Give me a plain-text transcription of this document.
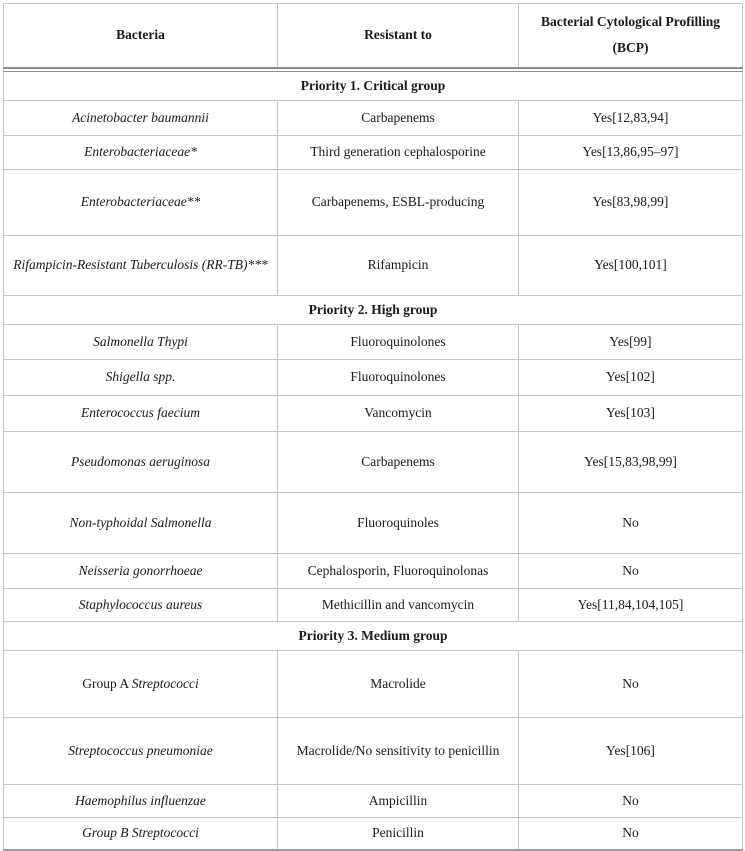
Bacteria	Resistant to	Bacterial Cytological Profilling
(BCP)

Priority 1. Critical group		
Acinetobacter baumannii	Carbapenems	Yes[12,83,94]
Enterobacteriaceae*	Third generation cephalosporine	Yes[13,86,95–97]
Enterobacteriaceae**	Carbapenems, ESBL-producing	Yes[83,98,99]
Rifampicin-Resistant Tuberculosis (RR-TB)***	Rifampicin	Yes[100,101]
Priority 2. High group		
Salmonella Thypi	Fluoroquinolones	Yes[99]
Shigella spp.	Fluoroquinolones	Yes[102]
Enterococcus faecium	Vancomycin	Yes[103]
Pseudomonas aeruginosa	Carbapenems	Yes[15,83,98,99]
Non-typhoidal Salmonella	Fluoroquinoles	No
Neisseria gonorrhoeae	Cephalosporin, Fluoroquinolonas	No
Staphylococcus aureus	Methicillin and vancomycin	Yes[11,84,104,105]
Priority 3. Medium group		
Group A Streptococci	Macrolide	No
Streptococcus pneumoniae	Macrolide/No sensitivity to penicillin	Yes[106]
Haemophilus influenzae	Ampicillin	No
Group B Streptococci	Penicillin	No
